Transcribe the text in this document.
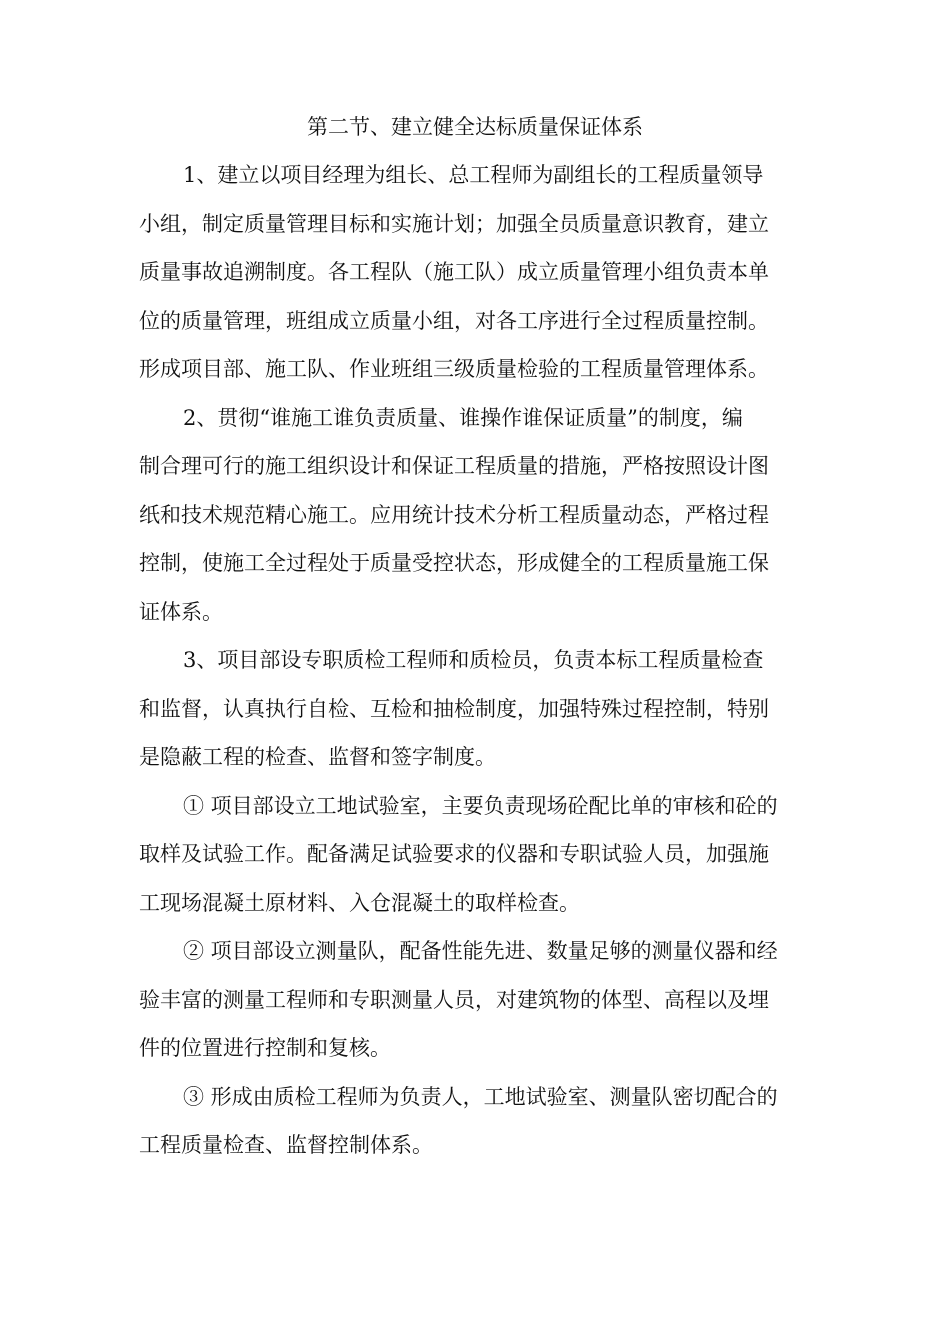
第二节、建立健全达标质量保证体系
1、建立以项目经理为组长、总工程师为副组长的工程质量领导
小组，制定质量管理目标和实施计划；加强全员质量意识教育，建立
质量事故追溯制度。各工程队（施工队）成立质量管理小组负责本单
位的质量管理，班组成立质量小组，对各工序进行全过程质量控制。
形成项目部、施工队、作业班组三级质量检验的工程质量管理体系。
2、贯彻“谁施工谁负责质量、谁操作谁保证质量”的制度，编
制合理可行的施工组织设计和保证工程质量的措施，严格按照设计图
纸和技术规范精心施工。应用统计技术分析工程质量动态，严格过程
控制，使施工全过程处于质量受控状态，形成健全的工程质量施工保
证体系。
3、项目部设专职质检工程师和质检员，负责本标工程质量检查
和监督，认真执行自检、互检和抽检制度，加强特殊过程控制，特别
是隐蔽工程的检查、监督和签字制度。
① 项目部设立工地试验室，主要负责现场砼配比单的审核和砼的
取样及试验工作。配备满足试验要求的仪器和专职试验人员，加强施
工现场混凝土原材料、入仓混凝土的取样检查。
② 项目部设立测量队，配备性能先进、数量足够的测量仪器和经
验丰富的测量工程师和专职测量人员，对建筑物的体型、高程以及埋
件的位置进行控制和复核。
③ 形成由质检工程师为负责人，工地试验室、测量队密切配合的
工程质量检查、监督控制体系。
